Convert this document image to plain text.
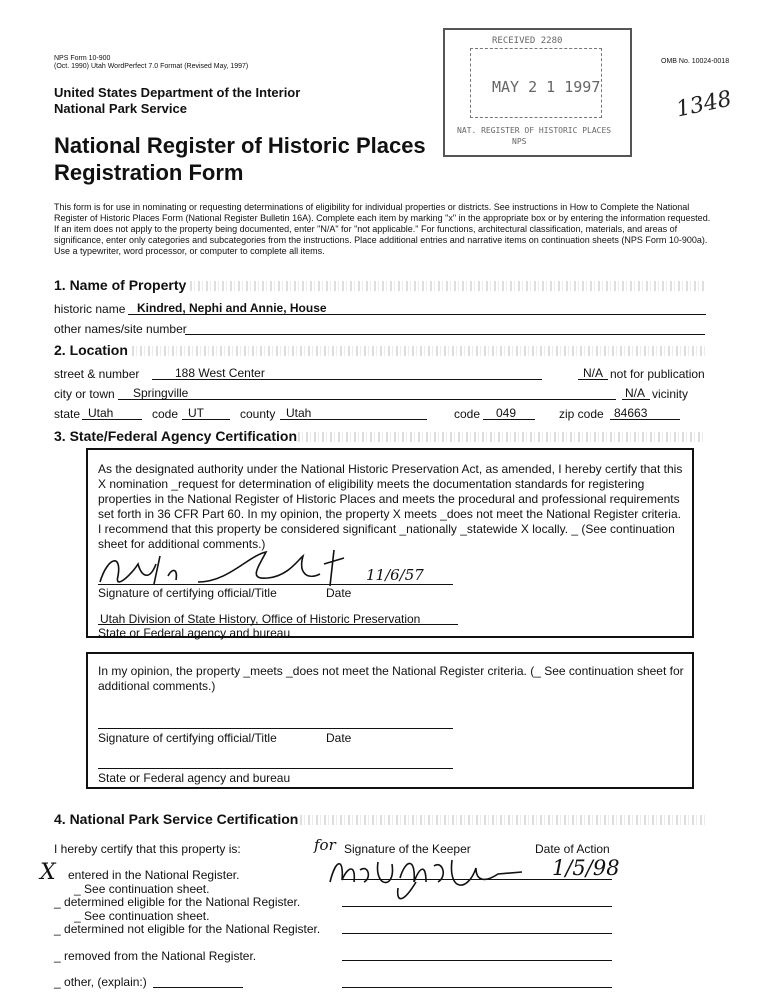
NPS Form 10-900
(Oct. 1990) Utah WordPerfect 7.0 Format (Revised May, 1997)
OMB No. 10024-0018
United States Department of the Interior
National Park Service
RECEIVED 2280
MAY 2 1 1997
NAT. REGISTER OF HISTORIC PLACES
NPS
1348
National Register of Historic Places
Registration Form
This form is for use in nominating or requesting determinations of eligibility for individual properties or districts. See instructions in How to Complete the National Register of Historic Places Form (National Register Bulletin 16A). Complete each item by marking "x" in the appropriate box or by entering the information requested. If an item does not apply to the property being documented, enter "N/A" for "not applicable." For functions, architectural classification, materials, and areas of significance, enter only categories and subcategories from the instructions. Place additional entries and narrative items on continuation sheets (NPS Form 10-900a). Use a typewriter, word processor, or computer to complete all items.
1. Name of Property
historic name Kindred, Nephi and Annie, House
other names/site number
2. Location
street & number	188 West Center	N/A not for publication
city or town Springville	N/A vicinity
state Utah	code UT	county Utah	code 049	zip code 84663
3. State/Federal Agency Certification
As the designated authority under the National Historic Preservation Act, as amended, I hereby certify that this X nomination _request for determination of eligibility meets the documentation standards for registering properties in the National Register of Historic Places and meets the procedural and professional requirements set forth in 36 CFR Part 60. In my opinion, the property X meets _does not meet the National Register criteria. I recommend that this property be considered significant _nationally _statewide X locally. _ (See continuation sheet for additional comments.)
11/6/57
Signature of certifying official/Title	Date
Utah Division of State History, Office of Historic Preservation
State or Federal agency and bureau
In my opinion, the property _meets _does not meet the National Register criteria. (_ See continuation sheet for additional comments.)
Signature of certifying official/Title	Date
State or Federal agency and bureau
4. National Park Service Certification
I hereby certify that this property is:	for Signature of the Keeper	Date of Action
1/5/98
X entered in the National Register.
_ See continuation sheet.
_ determined eligible for the National Register.
_ See continuation sheet.
_ determined not eligible for the National Register.
_ removed from the National Register.
_ other, (explain:)
